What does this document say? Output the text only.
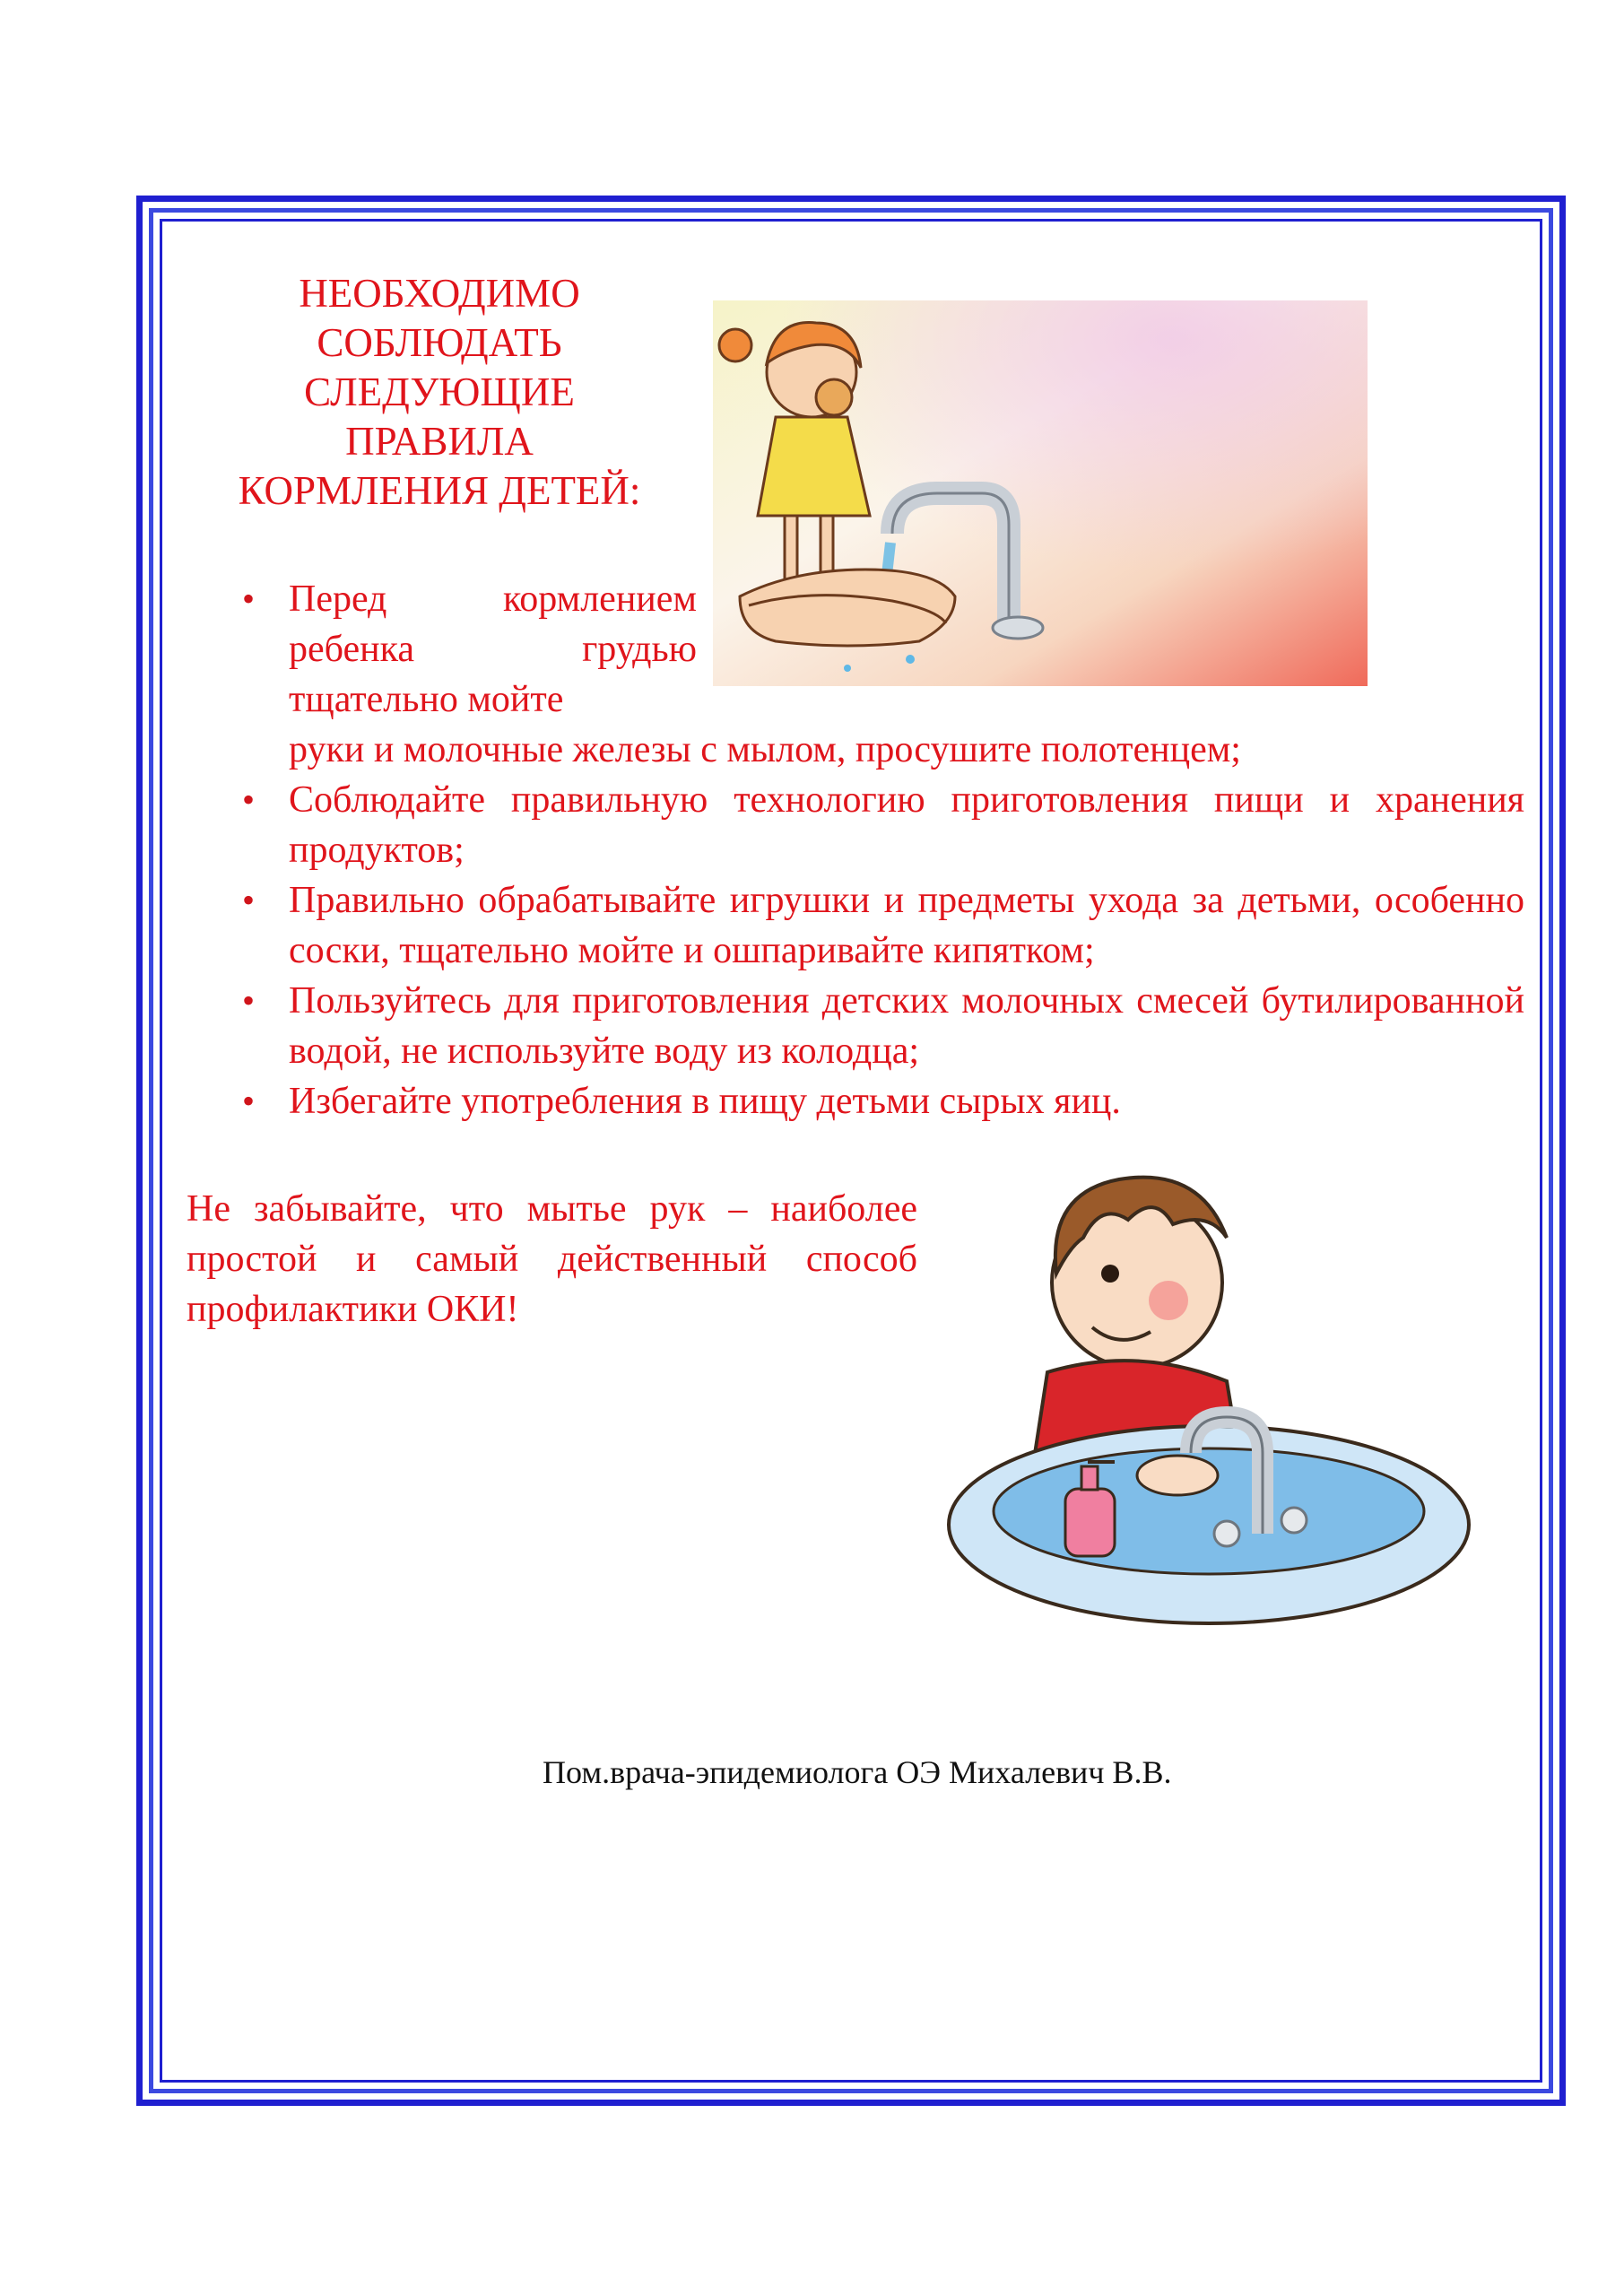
НЕОБХОДИМО
СОБЛЮДАТЬ
СЛЕДУЮЩИЕ
ПРАВИЛА
КОРМЛЕНИЯ ДЕТЕЙ:
• Перед кормлением ребенка грудью тщательно мойте
руки и молочные железы с мылом, просушите полотенцем;
• Соблюдайте правильную технологию приготовления пищи и хранения продуктов;
• Правильно обрабатывайте игрушки и предметы ухода за детьми, особенно соски, тщательно мойте и ошпаривайте кипятком;
• Пользуйтесь для приготовления детских молочных смесей бутилированной водой, не используйте воду из колодца;
• Избегайте употребления в пищу детьми сырых яиц.

Не забывайте, что мытье рук – наиболее простой и самый действенный способ профилактики ОКИ!

Пом.врача-эпидемиолога ОЭ Михалевич В.В.
